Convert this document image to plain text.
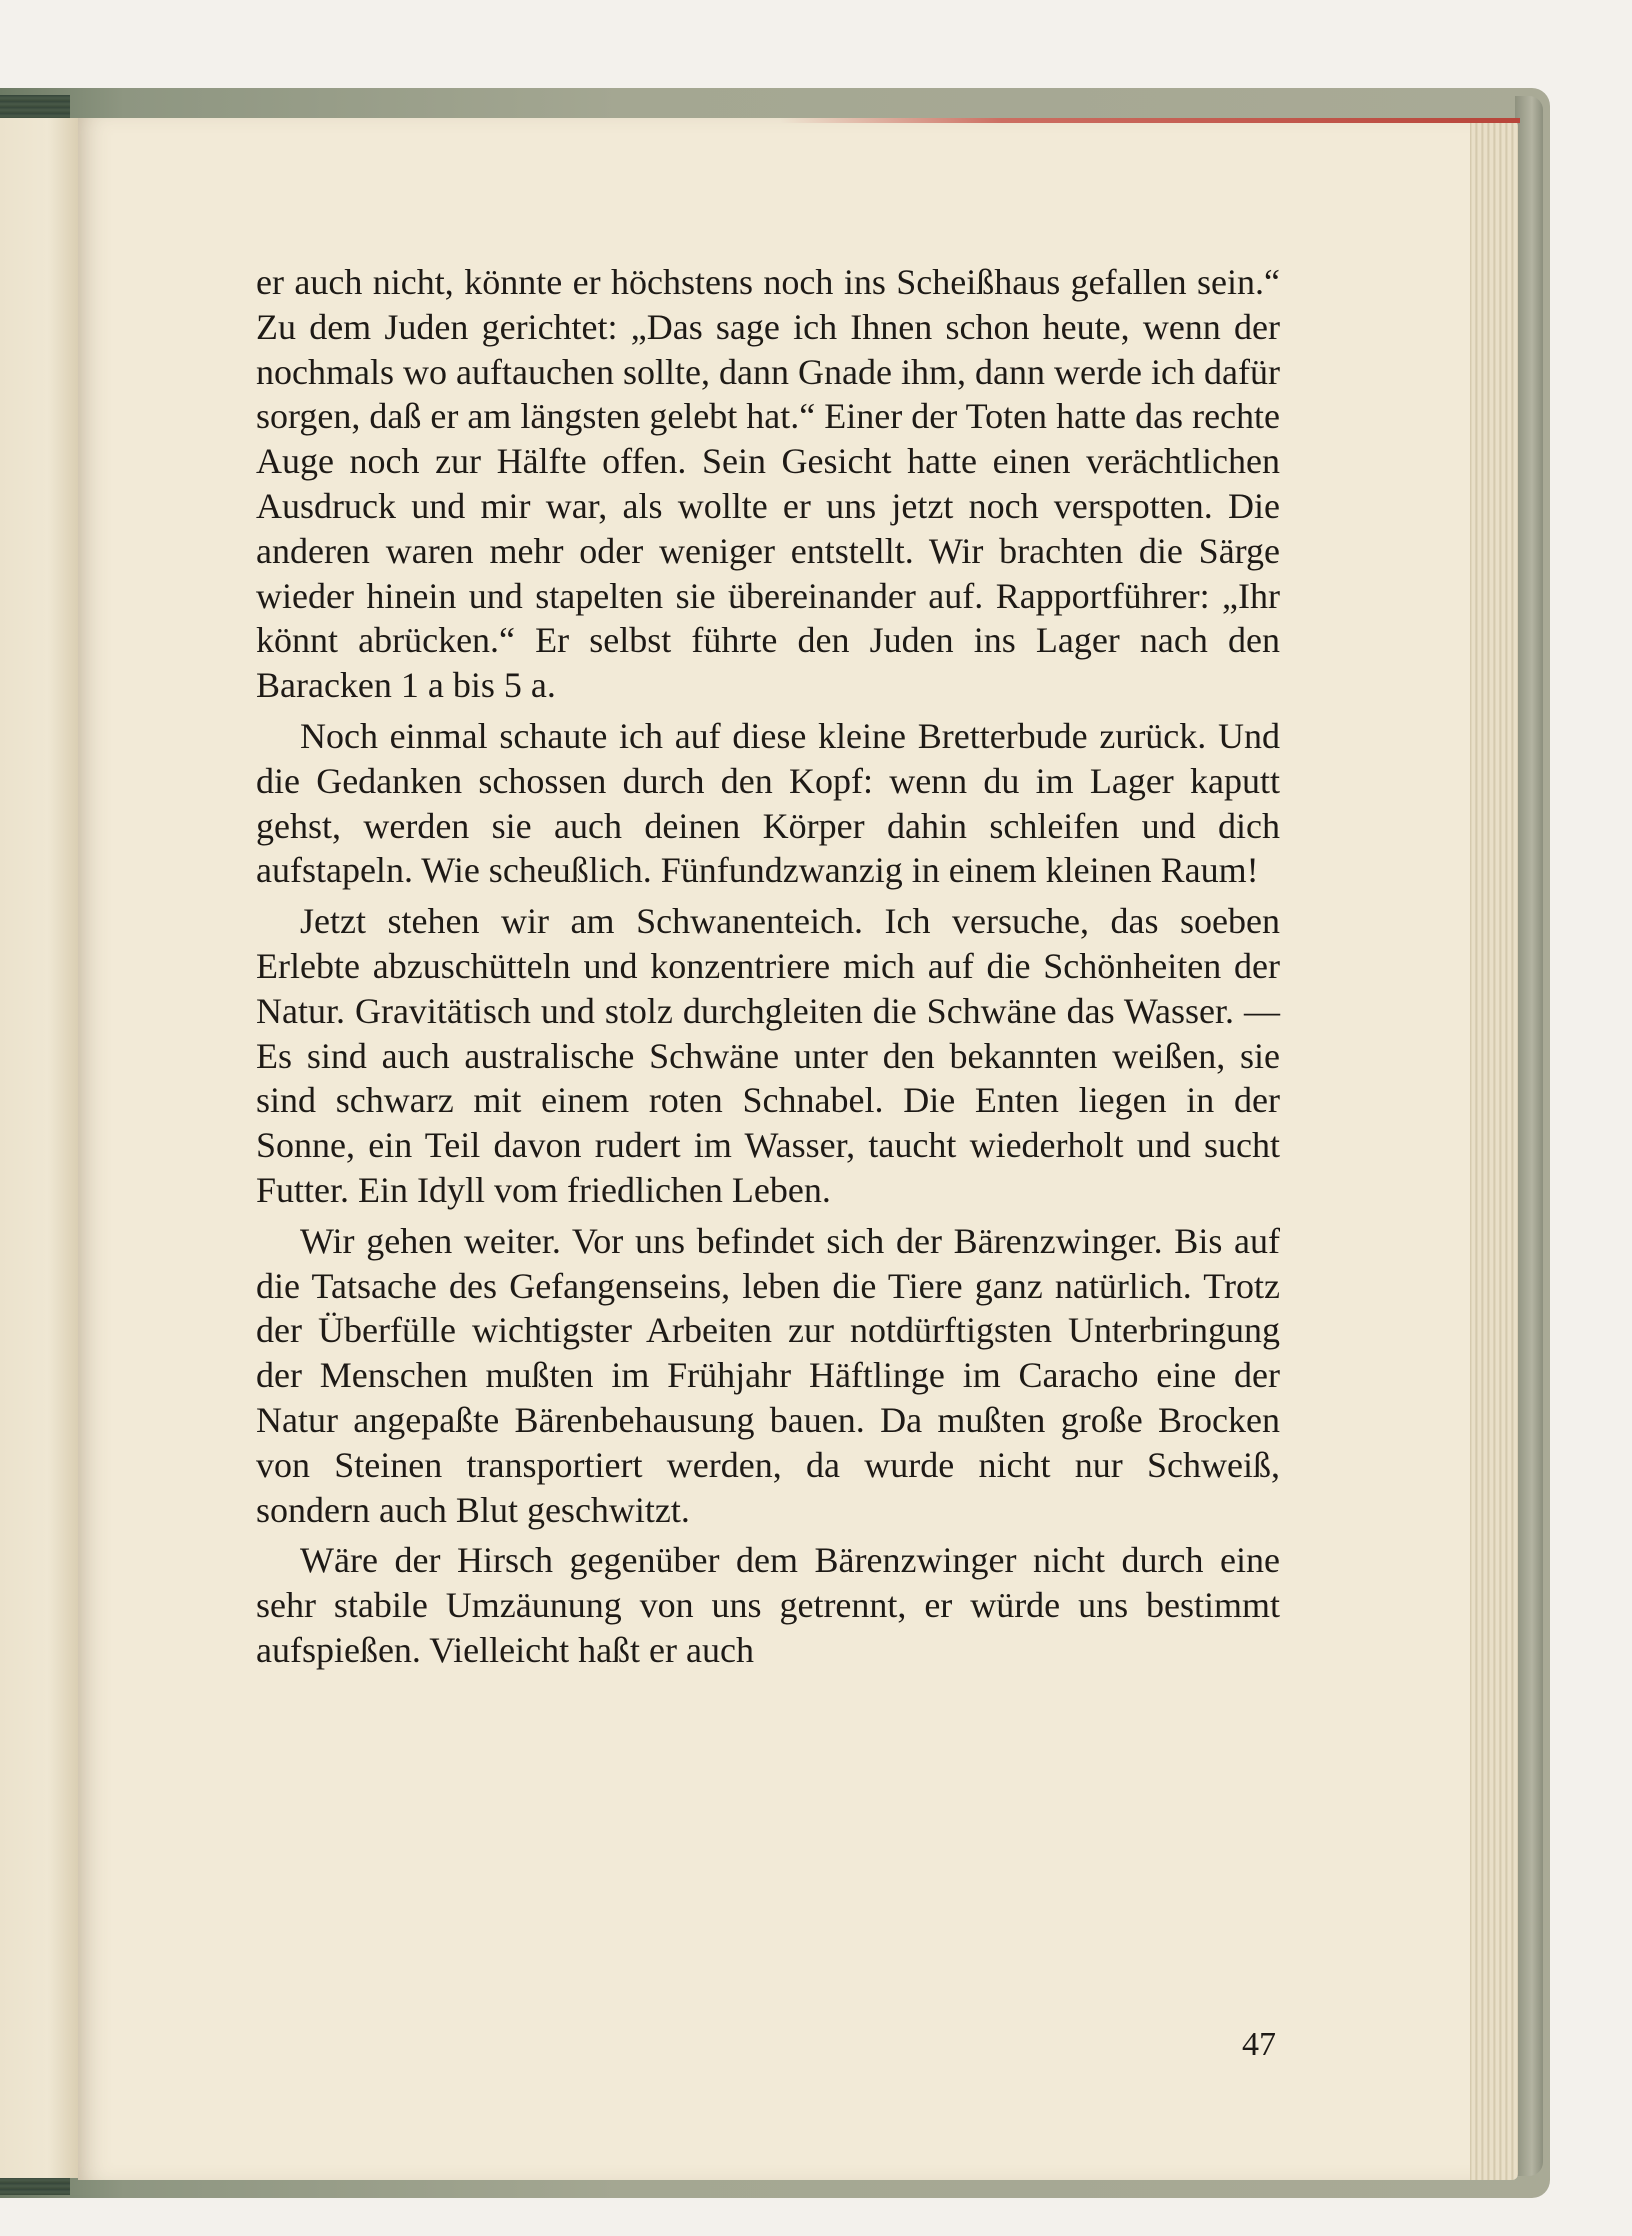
er auch nicht, könnte er höchstens noch ins Scheißhaus gefallen sein.“ Zu dem Juden gerichtet: „Das sage ich Ihnen schon heute, wenn der nochmals wo auftauchen sollte, dann Gnade ihm, dann werde ich dafür sorgen, daß er am längsten gelebt hat.“ Einer der Toten hatte das rechte Auge noch zur Hälfte offen. Sein Gesicht hatte einen verächtlichen Ausdruck und mir war, als wollte er uns jetzt noch verspotten. Die anderen waren mehr oder weniger entstellt. Wir brachten die Särge wieder hinein und stapelten sie übereinander auf. Rapportführer: „Ihr könnt abrücken.“ Er selbst führte den Juden ins Lager nach den Baracken 1 a bis 5 a.

Noch einmal schaute ich auf diese kleine Bretterbude zurück. Und die Gedanken schossen durch den Kopf: wenn du im Lager kaputt gehst, werden sie auch deinen Körper dahin schleifen und dich aufstapeln. Wie scheußlich. Fünfundzwanzig in einem kleinen Raum!

Jetzt stehen wir am Schwanenteich. Ich versuche, das soeben Erlebte abzuschütteln und konzentriere mich auf die Schönheiten der Natur. Gravitätisch und stolz durchgleiten die Schwäne das Wasser. — Es sind auch australische Schwäne unter den bekannten weißen, sie sind schwarz mit einem roten Schnabel. Die Enten liegen in der Sonne, ein Teil davon rudert im Wasser, taucht wiederholt und sucht Futter. Ein Idyll vom friedlichen Leben.

Wir gehen weiter. Vor uns befindet sich der Bärenzwinger. Bis auf die Tatsache des Gefangenseins, leben die Tiere ganz natürlich. Trotz der Überfülle wichtigster Arbeiten zur notdürftigsten Unterbringung der Menschen mußten im Frühjahr Häftlinge im Caracho eine der Natur angepaßte Bärenbehausung bauen. Da mußten große Brocken von Steinen transportiert werden, da wurde nicht nur Schweiß, sondern auch Blut geschwitzt.

Wäre der Hirsch gegenüber dem Bärenzwinger nicht durch eine sehr stabile Umzäunung von uns getrennt, er würde uns bestimmt aufspießen. Vielleicht haßt er auch

47
